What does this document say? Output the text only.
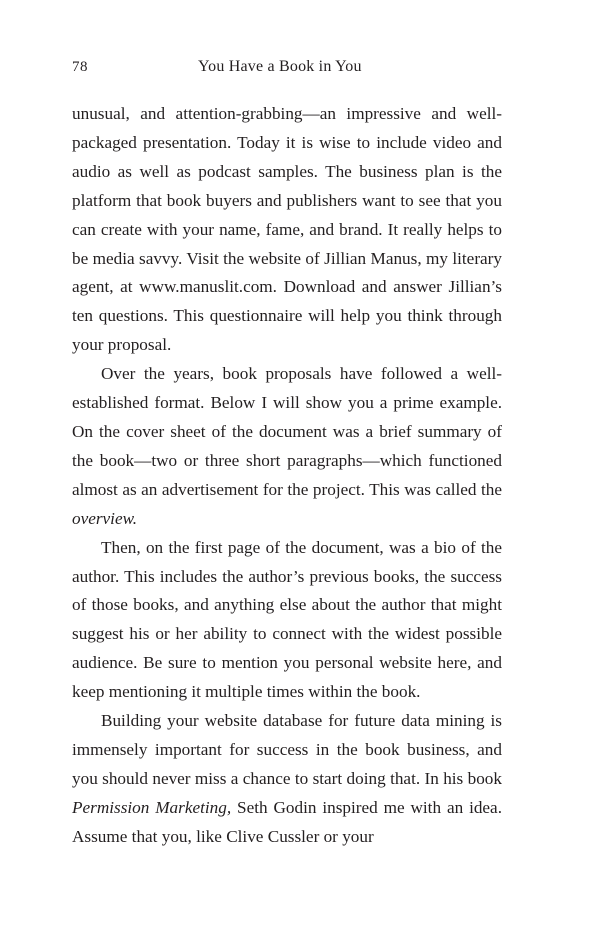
78	You Have a Book in You

unusual, and attention-grabbing—an impressive and well-packaged presentation. Today it is wise to include video and audio as well as podcast samples. The business plan is the platform that book buyers and publishers want to see that you can create with your name, fame, and brand. It really helps to be media savvy. Visit the website of Jillian Manus, my literary agent, at www.manuslit.com. Download and answer Jillian’s ten questions. This questionnaire will help you think through your proposal.

Over the years, book proposals have followed a well-established format. Below I will show you a prime example. On the cover sheet of the document was a brief summary of the book—two or three short paragraphs—which functioned almost as an advertisement for the project. This was called the overview.

Then, on the first page of the document, was a bio of the author. This includes the author’s previous books, the success of those books, and anything else about the author that might suggest his or her ability to connect with the widest possible audience. Be sure to mention you personal website here, and keep mentioning it multiple times within the book.

Building your website database for future data mining is immensely important for success in the book business, and you should never miss a chance to start doing that. In his book Permission Marketing, Seth Godin inspired me with an idea. Assume that you, like Clive Cussler or your
